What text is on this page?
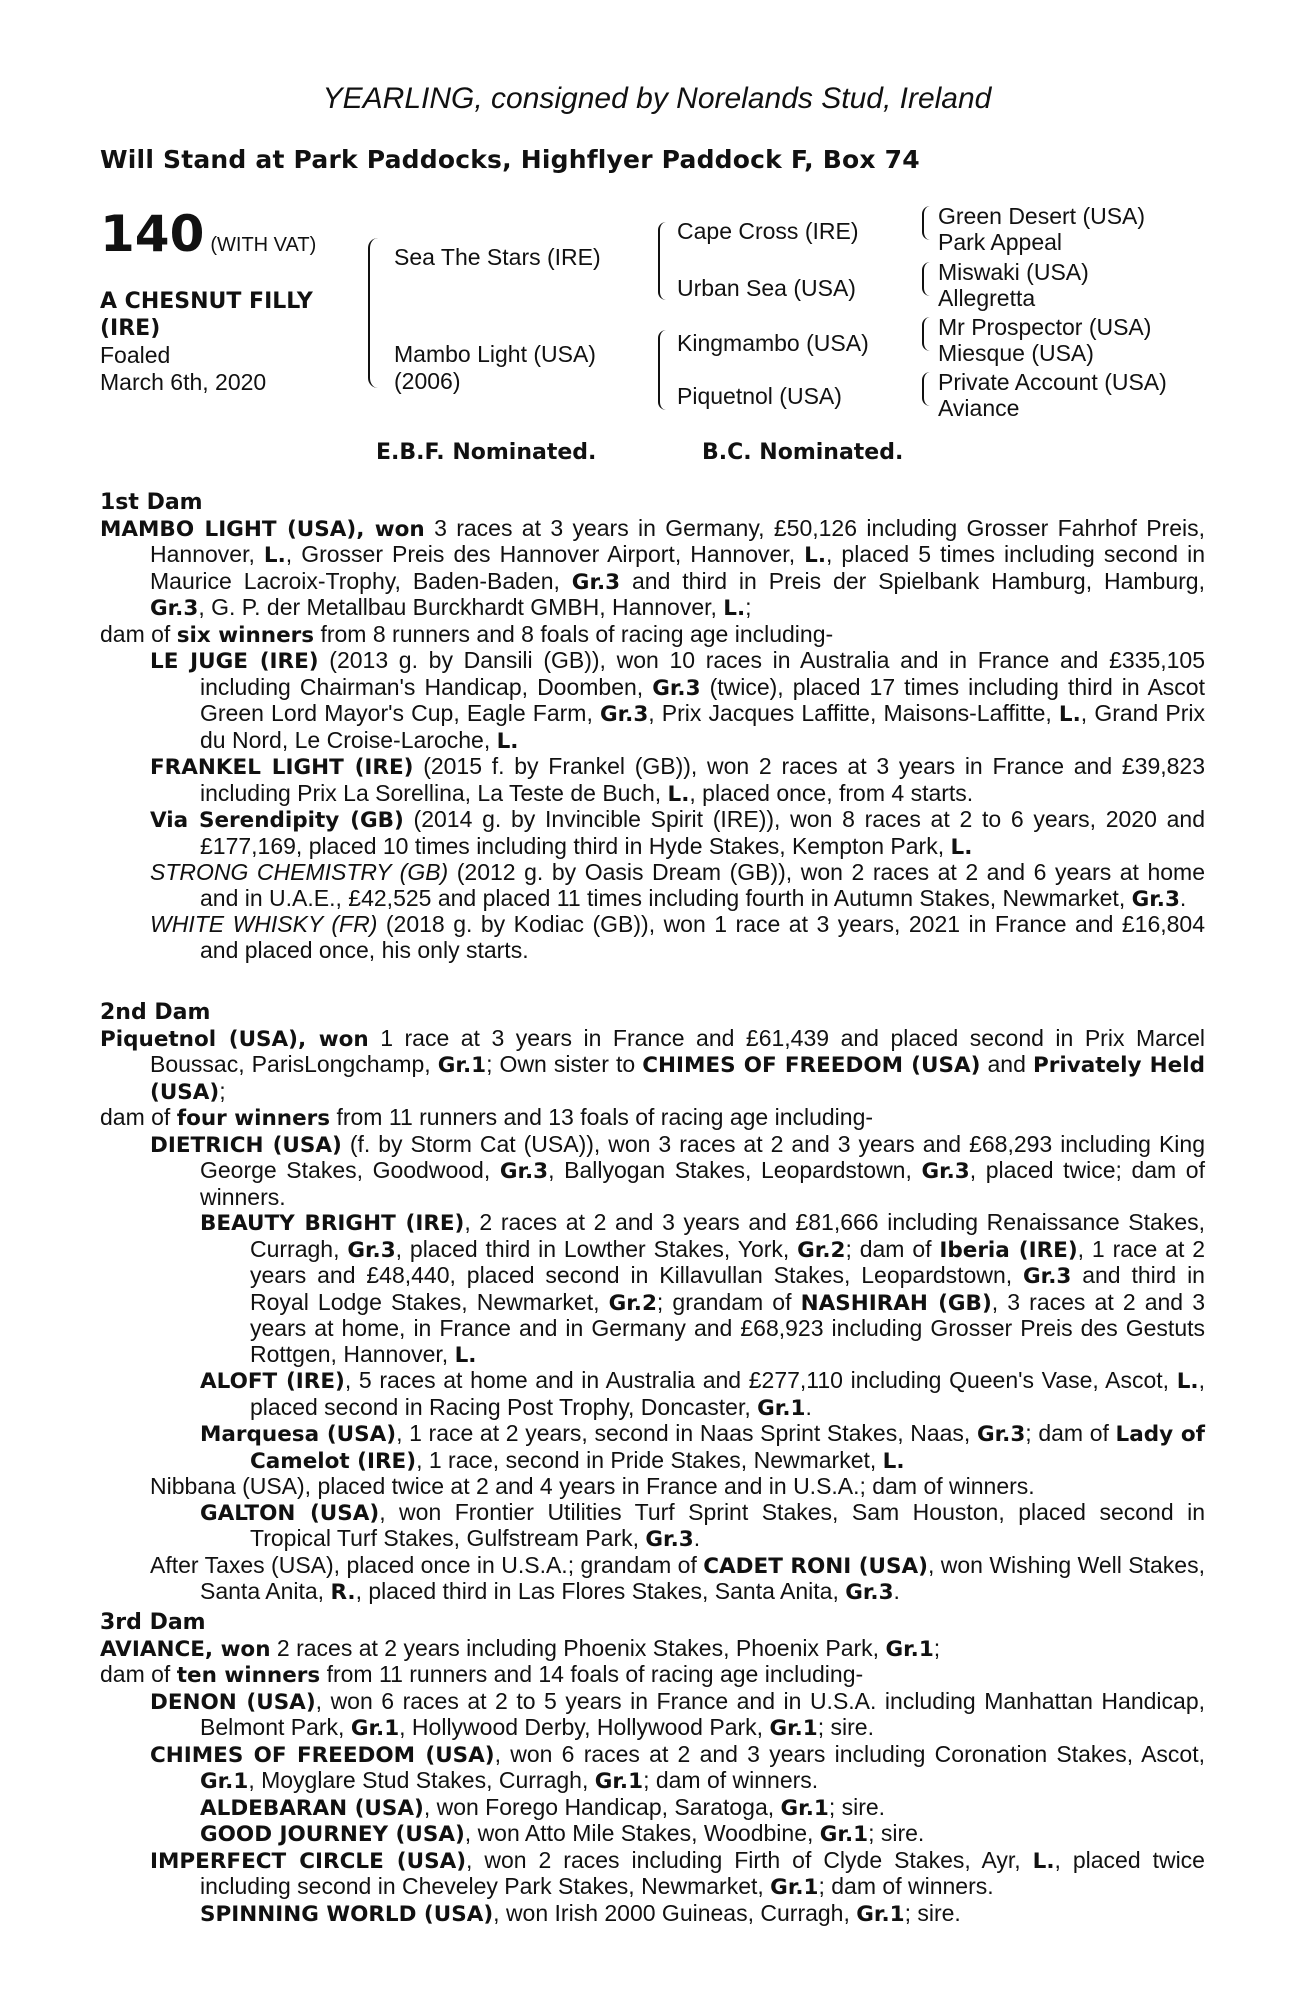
YEARLING, consigned by Norelands Stud, Ireland
Will Stand at Park Paddocks, Highflyer Paddock F, Box 74
140 (WITH VAT)
A CHESNUT FILLY
(IRE)
Foaled
March 6th, 2020
Sea The Stars (IRE)
Mambo Light (USA)
(2006)
Cape Cross (IRE)
Urban Sea (USA)
Kingmambo (USA)
Piquetnol (USA)
Green Desert (USA)
Park Appeal
Miswaki (USA)
Allegretta
Mr Prospector (USA)
Miesque (USA)
Private Account (USA)
Aviance
E.B.F. Nominated.	B.C. Nominated.
1st Dam
MAMBO LIGHT (USA), won 3 races at 3 years in Germany, £50,126 including Grosser Fahrhof Preis, Hannover, L., Grosser Preis des Hannover Airport, Hannover, L., placed 5 times including second in Maurice Lacroix-Trophy, Baden-Baden, Gr.3 and third in Preis der Spielbank Hamburg, Hamburg, Gr.3, G. P. der Metallbau Burckhardt GMBH, Hannover, L.;
dam of six winners from 8 runners and 8 foals of racing age including-
LE JUGE (IRE) (2013 g. by Dansili (GB)), won 10 races in Australia and in France and £335,105 including Chairman's Handicap, Doomben, Gr.3 (twice), placed 17 times including third in Ascot Green Lord Mayor's Cup, Eagle Farm, Gr.3, Prix Jacques Laffitte, Maisons-Laffitte, L., Grand Prix du Nord, Le Croise-Laroche, L.
FRANKEL LIGHT (IRE) (2015 f. by Frankel (GB)), won 2 races at 3 years in France and £39,823 including Prix La Sorellina, La Teste de Buch, L., placed once, from 4 starts.
Via Serendipity (GB) (2014 g. by Invincible Spirit (IRE)), won 8 races at 2 to 6 years, 2020 and £177,169, placed 10 times including third in Hyde Stakes, Kempton Park, L.
STRONG CHEMISTRY (GB) (2012 g. by Oasis Dream (GB)), won 2 races at 2 and 6 years at home and in U.A.E., £42,525 and placed 11 times including fourth in Autumn Stakes, Newmarket, Gr.3.
WHITE WHISKY (FR) (2018 g. by Kodiac (GB)), won 1 race at 3 years, 2021 in France and £16,804 and placed once, his only starts.
2nd Dam
Piquetnol (USA), won 1 race at 3 years in France and £61,439 and placed second in Prix Marcel Boussac, ParisLongchamp, Gr.1; Own sister to CHIMES OF FREEDOM (USA) and Privately Held (USA);
dam of four winners from 11 runners and 13 foals of racing age including-
DIETRICH (USA) (f. by Storm Cat (USA)), won 3 races at 2 and 3 years and £68,293 including King George Stakes, Goodwood, Gr.3, Ballyogan Stakes, Leopardstown, Gr.3, placed twice; dam of winners.
BEAUTY BRIGHT (IRE), 2 races at 2 and 3 years and £81,666 including Renaissance Stakes, Curragh, Gr.3, placed third in Lowther Stakes, York, Gr.2; dam of Iberia (IRE), 1 race at 2 years and £48,440, placed second in Killavullan Stakes, Leopardstown, Gr.3 and third in Royal Lodge Stakes, Newmarket, Gr.2; grandam of NASHIRAH (GB), 3 races at 2 and 3 years at home, in France and in Germany and £68,923 including Grosser Preis des Gestuts Rottgen, Hannover, L.
ALOFT (IRE), 5 races at home and in Australia and £277,110 including Queen's Vase, Ascot, L., placed second in Racing Post Trophy, Doncaster, Gr.1.
Marquesa (USA), 1 race at 2 years, second in Naas Sprint Stakes, Naas, Gr.3; dam of Lady of Camelot (IRE), 1 race, second in Pride Stakes, Newmarket, L.
Nibbana (USA), placed twice at 2 and 4 years in France and in U.S.A.; dam of winners.
GALTON (USA), won Frontier Utilities Turf Sprint Stakes, Sam Houston, placed second in Tropical Turf Stakes, Gulfstream Park, Gr.3.
After Taxes (USA), placed once in U.S.A.; grandam of CADET RONI (USA), won Wishing Well Stakes, Santa Anita, R., placed third in Las Flores Stakes, Santa Anita, Gr.3.
3rd Dam
AVIANCE, won 2 races at 2 years including Phoenix Stakes, Phoenix Park, Gr.1;
dam of ten winners from 11 runners and 14 foals of racing age including-
DENON (USA), won 6 races at 2 to 5 years in France and in U.S.A. including Manhattan Handicap, Belmont Park, Gr.1, Hollywood Derby, Hollywood Park, Gr.1; sire.
CHIMES OF FREEDOM (USA), won 6 races at 2 and 3 years including Coronation Stakes, Ascot, Gr.1, Moyglare Stud Stakes, Curragh, Gr.1; dam of winners.
ALDEBARAN (USA), won Forego Handicap, Saratoga, Gr.1; sire.
GOOD JOURNEY (USA), won Atto Mile Stakes, Woodbine, Gr.1; sire.
IMPERFECT CIRCLE (USA), won 2 races including Firth of Clyde Stakes, Ayr, L., placed twice including second in Cheveley Park Stakes, Newmarket, Gr.1; dam of winners.
SPINNING WORLD (USA), won Irish 2000 Guineas, Curragh, Gr.1; sire.
